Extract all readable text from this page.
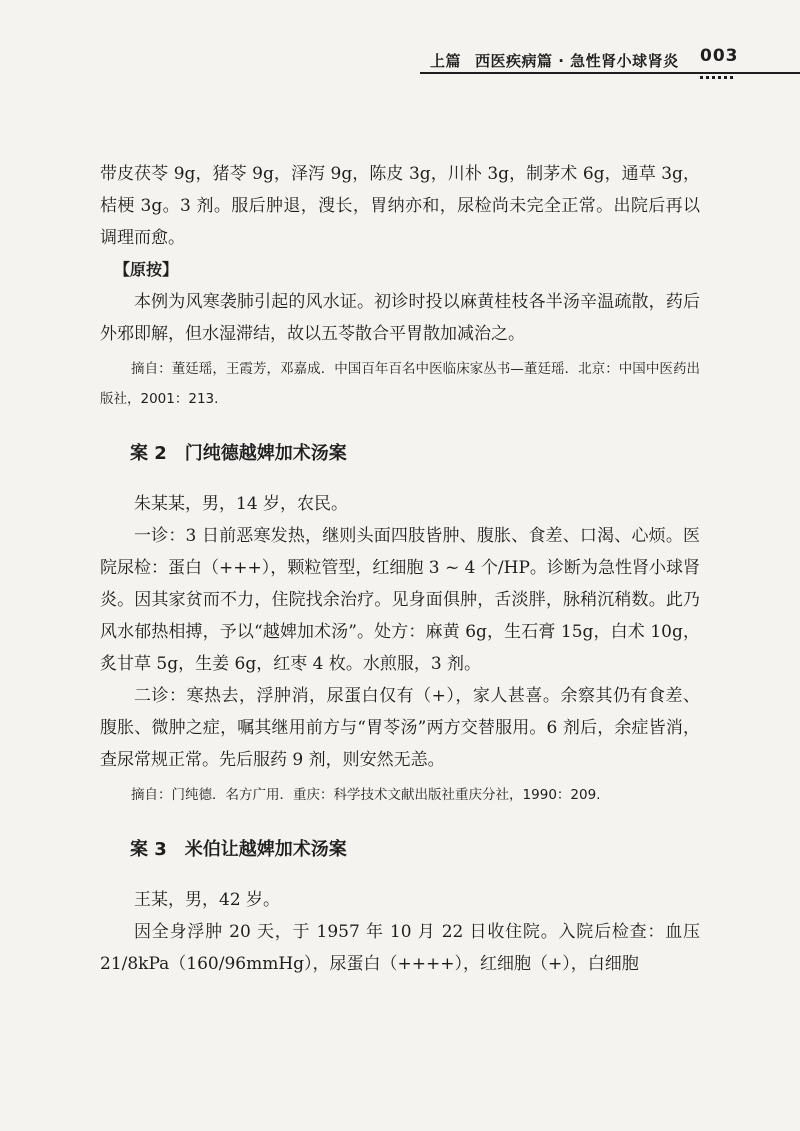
上篇 西医疾病篇 · 急性肾小球肾炎 003

带皮茯苓 9g，猪苓 9g，泽泻 9g，陈皮 3g，川朴 3g，制茅术 6g，通草 3g，桔梗 3g。3 剂。服后肿退，溲长，胃纳亦和，尿检尚未完全正常。出院后再以调理而愈。

【原按】

本例为风寒袭肺引起的风水证。初诊时投以麻黄桂枝各半汤辛温疏散，药后外邪即解，但水湿滞结，故以五苓散合平胃散加减治之。

摘自：董廷瑶，王霞芳，邓嘉成．中国百年百名中医临床家丛书—董廷瑶．北京：中国中医药出版社，2001：213.

案 2 门纯德越婢加术汤案

朱某某，男，14 岁，农民。

一诊：3 日前恶寒发热，继则头面四肢皆肿、腹胀、食差、口渴、心烦。医院尿检：蛋白（+++），颗粒管型，红细胞 3 ~ 4 个/HP。诊断为急性肾小球肾炎。因其家贫而不力，住院找余治疗。见身面俱肿，舌淡胖，脉稍沉稍数。此乃风水郁热相搏，予以“越婢加术汤”。处方：麻黄 6g，生石膏 15g，白术 10g，炙甘草 5g，生姜 6g，红枣 4 枚。水煎服，3 剂。

二诊：寒热去，浮肿消，尿蛋白仅有（+），家人甚喜。余察其仍有食差、腹胀、微肿之症，嘱其继用前方与“胃苓汤”两方交替服用。6 剂后，余症皆消，查尿常规正常。先后服药 9 剂，则安然无恙。

摘自：门纯德．名方广用．重庆：科学技术文献出版社重庆分社，1990：209.

案 3 米伯让越婢加术汤案

王某，男，42 岁。

因全身浮肿 20 天，于 1957 年 10 月 22 日收住院。入院后检查：血压 21/8kPa（160/96mmHg），尿蛋白（++++），红细胞（+），白细胞
